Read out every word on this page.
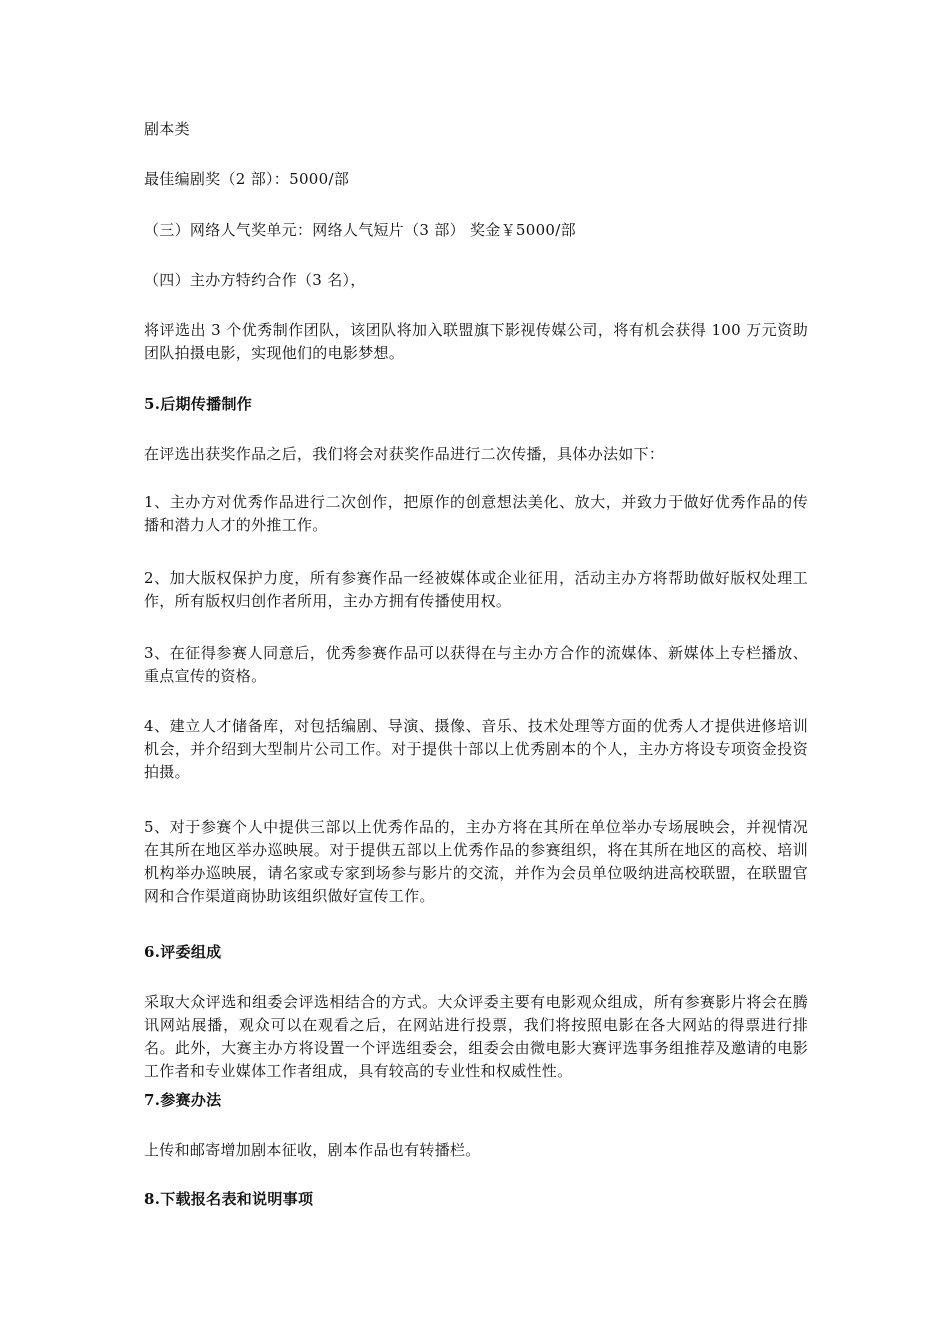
剧本类

最佳编剧奖（2 部）：5000/部

（三）网络人气奖单元：网络人气短片（3 部） 奖金￥5000/部

（四）主办方特约合作（3 名），

将评选出 3 个优秀制作团队，该团队将加入联盟旗下影视传媒公司，将有机会获得 100 万元资助团队拍摄电影，实现他们的电影梦想。

5.后期传播制作

在评选出获奖作品之后，我们将会对获奖作品进行二次传播，具体办法如下：

1、主办方对优秀作品进行二次创作，把原作的创意想法美化、放大，并致力于做好优秀作品的传播和潜力人才的外推工作。

2、加大版权保护力度，所有参赛作品一经被媒体或企业征用，活动主办方将帮助做好版权处理工作，所有版权归创作者所用，主办方拥有传播使用权。

3、在征得参赛人同意后，优秀参赛作品可以获得在与主办方合作的流媒体、新媒体上专栏播放、重点宣传的资格。

4、建立人才储备库，对包括编剧、导演、摄像、音乐、技术处理等方面的优秀人才提供进修培训机会，并介绍到大型制片公司工作。对于提供十部以上优秀剧本的个人，主办方将设专项资金投资拍摄。

5、对于参赛个人中提供三部以上优秀作品的，主办方将在其所在单位举办专场展映会，并视情况在其所在地区举办巡映展。对于提供五部以上优秀作品的参赛组织，将在其所在地区的高校、培训机构举办巡映展，请名家或专家到场参与影片的交流，并作为会员单位吸纳进高校联盟，在联盟官网和合作渠道商协助该组织做好宣传工作。

6.评委组成

采取大众评选和组委会评选相结合的方式。大众评委主要有电影观众组成，所有参赛影片将会在腾讯网站展播，观众可以在观看之后，在网站进行投票，我们将按照电影在各大网站的得票进行排名。此外，大赛主办方将设置一个评选组委会，组委会由微电影大赛评选事务组推荐及邀请的电影工作者和专业媒体工作者组成，具有较高的专业性和权威性性。

7.参赛办法

上传和邮寄增加剧本征收，剧本作品也有转播栏。

8.下载报名表和说明事项
